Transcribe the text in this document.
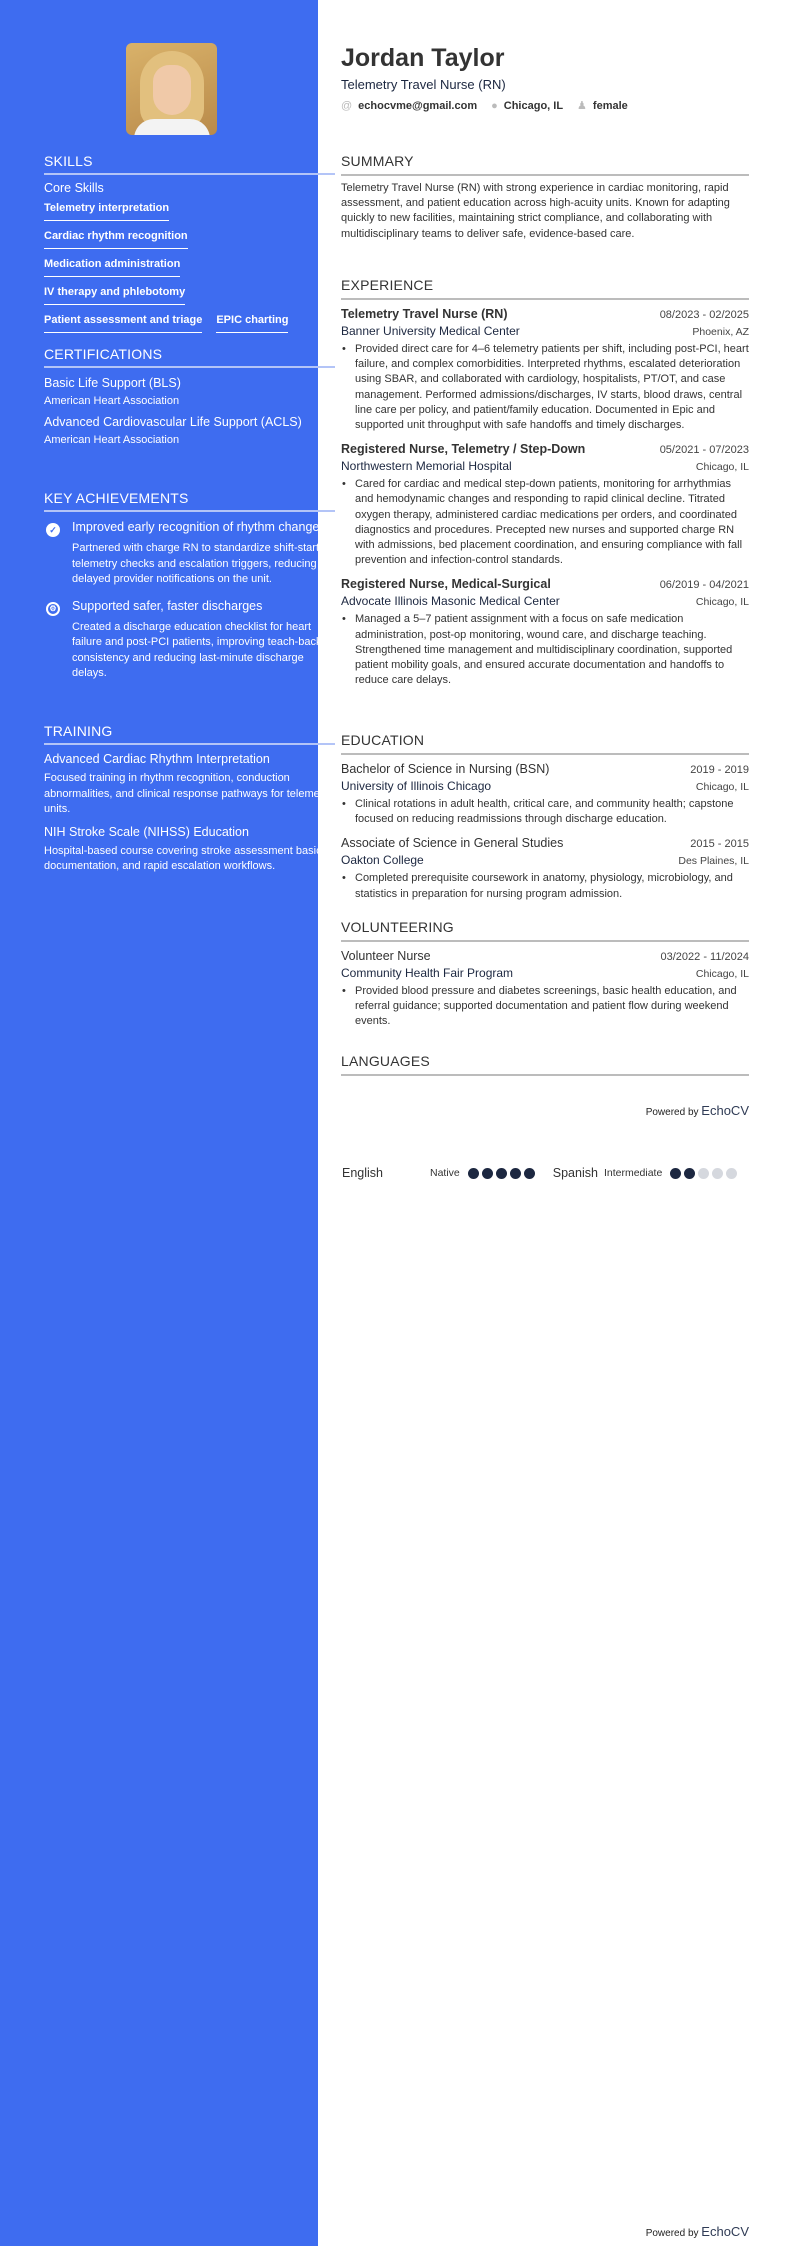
SKILLS
Core Skills
Telemetry interpretation
Cardiac rhythm recognition
Medication administration
IV therapy and phlebotomy
Patient assessment and triage EPIC charting
CERTIFICATIONS
Basic Life Support (BLS)
American Heart Association
Advanced Cardiovascular Life Support (ACLS)
American Heart Association
KEY ACHIEVEMENTS
✓ Improved early recognition of rhythm changes
Partnered with charge RN to standardize shift-start telemetry checks and escalation triggers, reducing delayed provider notifications on the unit.
⚙ Supported safer, faster discharges
Created a discharge education checklist for heart failure and post-PCI patients, improving teach-back consistency and reducing last-minute discharge delays.
TRAINING
Advanced Cardiac Rhythm Interpretation
Focused training in rhythm recognition, conduction abnormalities, and clinical response pathways for telemetry units.
NIH Stroke Scale (NIHSS) Education
Hospital-based course covering stroke assessment basics, documentation, and rapid escalation workflows.
Jordan Taylor
Telemetry Travel Nurse (RN)
@ echocvme@gmail.com ● Chicago, IL ♟ female
SUMMARY
Telemetry Travel Nurse (RN) with strong experience in cardiac monitoring, rapid assessment, and patient education across high-acuity units. Known for adapting quickly to new facilities, maintaining strict compliance, and collaborating with multidisciplinary teams to deliver safe, evidence-based care.
EXPERIENCE
Telemetry Travel Nurse (RN)	08/2023 - 02/2025
Banner University Medical Center	Phoenix, AZ
• Provided direct care for 4–6 telemetry patients per shift, including post-PCI, heart failure, and complex comorbidities. Interpreted rhythms, escalated deterioration using SBAR, and collaborated with cardiology, hospitalists, PT/OT, and case management. Performed admissions/discharges, IV starts, blood draws, central line care per policy, and patient/family education. Documented in Epic and supported unit throughput with safe handoffs and timely discharges.
Registered Nurse, Telemetry / Step-Down	05/2021 - 07/2023
Northwestern Memorial Hospital	Chicago, IL
• Cared for cardiac and medical step-down patients, monitoring for arrhythmias and hemodynamic changes and responding to rapid clinical decline. Titrated oxygen therapy, administered cardiac medications per orders, and coordinated diagnostics and procedures. Precepted new nurses and supported charge RN with admissions, bed placement coordination, and ensuring compliance with fall prevention and infection-control standards.
Registered Nurse, Medical-Surgical	06/2019 - 04/2021
Advocate Illinois Masonic Medical Center	Chicago, IL
• Managed a 5–7 patient assignment with a focus on safe medication administration, post-op monitoring, wound care, and discharge teaching. Strengthened time management and multidisciplinary coordination, supported patient mobility goals, and ensured accurate documentation and handoffs to reduce care delays.
EDUCATION
Bachelor of Science in Nursing (BSN)	2019 - 2019
University of Illinois Chicago	Chicago, IL
• Clinical rotations in adult health, critical care, and community health; capstone focused on reducing readmissions through discharge education.
Associate of Science in General Studies	2015 - 2015
Oakton College	Des Plaines, IL
• Completed prerequisite coursework in anatomy, physiology, microbiology, and statistics in preparation for nursing program admission.
VOLUNTEERING
Volunteer Nurse	03/2022 - 11/2024
Community Health Fair Program	Chicago, IL
• Provided blood pressure and diabetes screenings, basic health education, and referral guidance; supported documentation and patient flow during weekend events.
LANGUAGES
Powered by EchoCV
English	Native	Spanish Intermediate
Powered by EchoCV
